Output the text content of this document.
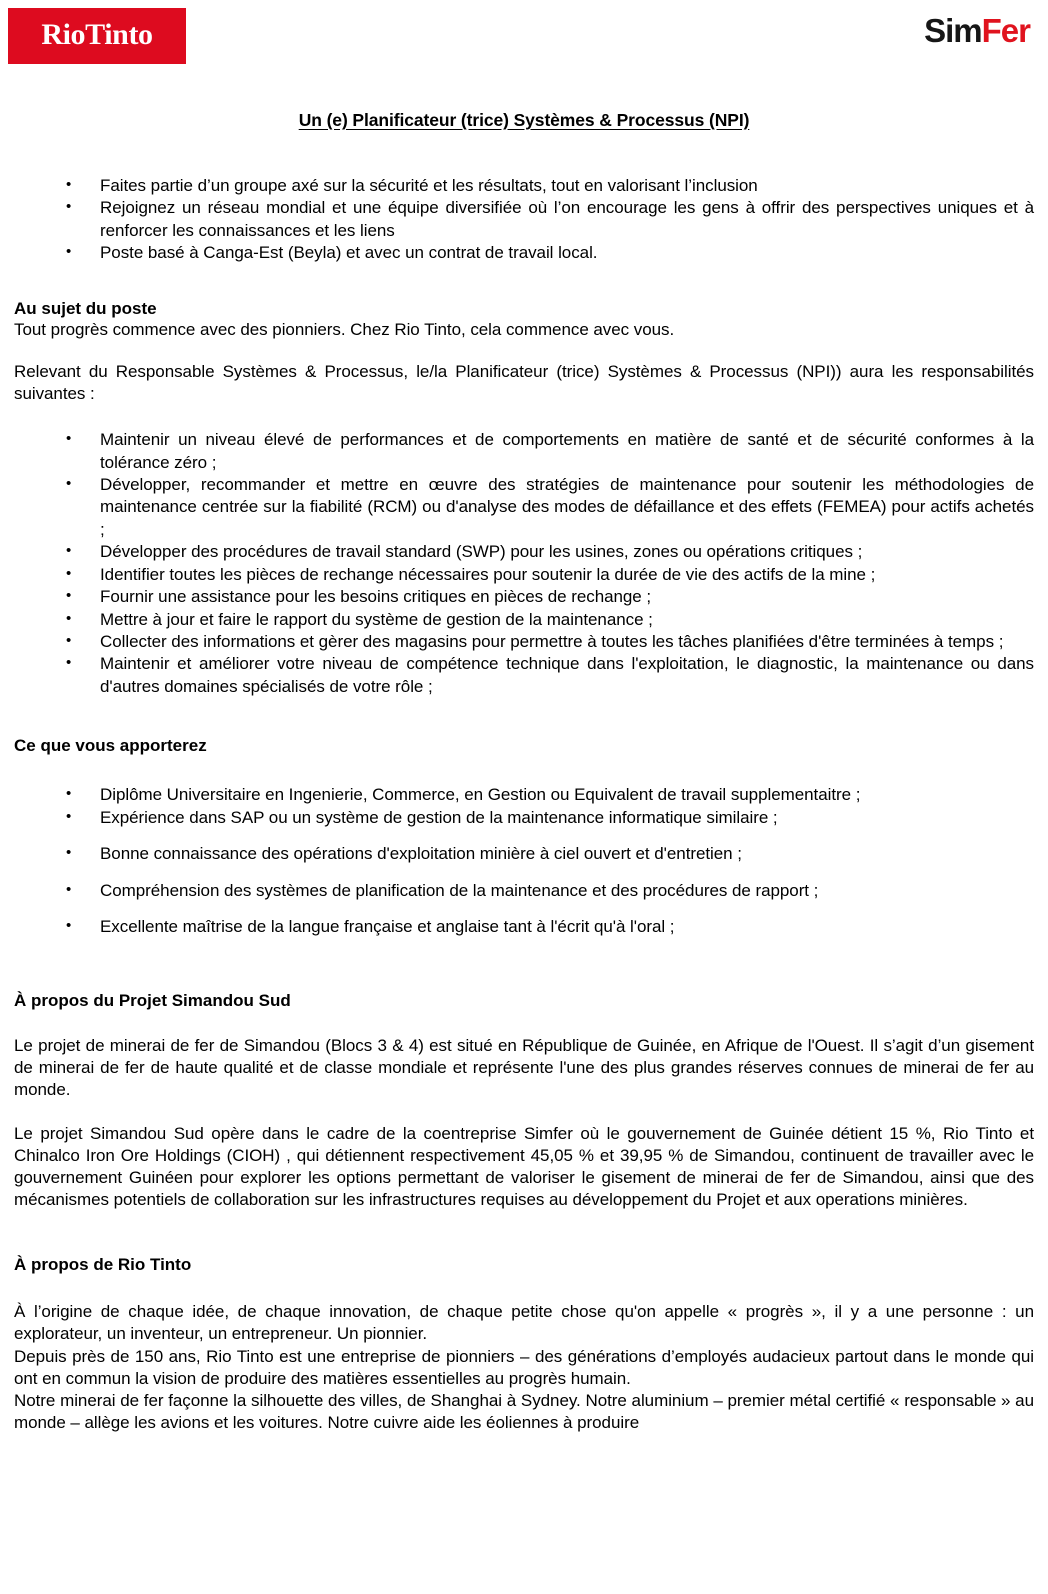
RioTinto	SimFer
Un (e) Planificateur (trice) Systèmes & Processus (NPI)
• Faites partie d’un groupe axé sur la sécurité et les résultats, tout en valorisant l’inclusion
• Rejoignez un réseau mondial et une équipe diversifiée où l’on encourage les gens à offrir des perspectives uniques et à renforcer les connaissances et les liens
• Poste basé à Canga-Est (Beyla) et avec un contrat de travail local.
Au sujet du poste

Tout progrès commence avec des pionniers. Chez Rio Tinto, cela commence avec vous.

Relevant du Responsable Systèmes & Processus, le/la Planificateur (trice) Systèmes & Processus (NPI)) aura les responsabilités suivantes :

• Maintenir un niveau élevé de performances et de comportements en matière de santé et de sécurité conformes à la tolérance zéro ;
• Développer, recommander et mettre en œuvre des stratégies de maintenance pour soutenir les méthodologies de maintenance centrée sur la fiabilité (RCM) ou d'analyse des modes de défaillance et des effets (FEMEA) pour actifs achetés ;
• Développer des procédures de travail standard (SWP) pour les usines, zones ou opérations critiques ;
• Identifier toutes les pièces de rechange nécessaires pour soutenir la durée de vie des actifs de la mine ;
• Fournir une assistance pour les besoins critiques en pièces de rechange ;
• Mettre à jour et faire le rapport du système de gestion de la maintenance ;
• Collecter des informations et gèrer des magasins pour permettre à toutes les tâches planifiées d'être terminées à temps ;
• Maintenir et améliorer votre niveau de compétence technique dans l'exploitation, le diagnostic, la maintenance ou dans d'autres domaines spécialisés de votre rôle ;
Ce que vous apporterez
• Diplôme Universitaire en Ingenierie, Commerce, en Gestion ou Equivalent de travail supplementaitre ;
• Expérience dans SAP ou un système de gestion de la maintenance informatique similaire ;
• Bonne connaissance des opérations d'exploitation minière à ciel ouvert et d'entretien ;
• Compréhension des systèmes de planification de la maintenance et des procédures de rapport ;
• Excellente maîtrise de la langue française et anglaise tant à l'écrit qu'à l'oral ;
À propos du Projet Simandou Sud

Le projet de minerai de fer de Simandou (Blocs 3 & 4) est situé en République de Guinée, en Afrique de l'Ouest. Il s’agit d’un gisement de minerai de fer de haute qualité et de classe mondiale et représente l'une des plus grandes réserves connues de minerai de fer au monde.

Le projet Simandou Sud opère dans le cadre de la coentreprise Simfer où le gouvernement de Guinée détient 15 %, Rio Tinto et Chinalco Iron Ore Holdings (CIOH) , qui détiennent respectivement 45,05 % et 39,95 % de Simandou, continuent de travailler avec le gouvernement Guinéen pour explorer les options permettant de valoriser le gisement de minerai de fer de Simandou, ainsi que des mécanismes potentiels de collaboration sur les infrastructures requises au développement du Projet et aux operations minières.

À propos de Rio Tinto

À l’origine de chaque idée, de chaque innovation, de chaque petite chose qu'on appelle « progrès », il y a une personne : un explorateur, un inventeur, un entrepreneur. Un pionnier.

Depuis près de 150 ans, Rio Tinto est une entreprise de pionniers – des générations d’employés audacieux partout dans le monde qui ont en commun la vision de produire des matières essentielles au progrès humain.

Notre minerai de fer façonne la silhouette des villes, de Shanghai à Sydney. Notre aluminium – premier métal certifié « responsable » au monde – allège les avions et les voitures. Notre cuivre aide les éoliennes à produire
